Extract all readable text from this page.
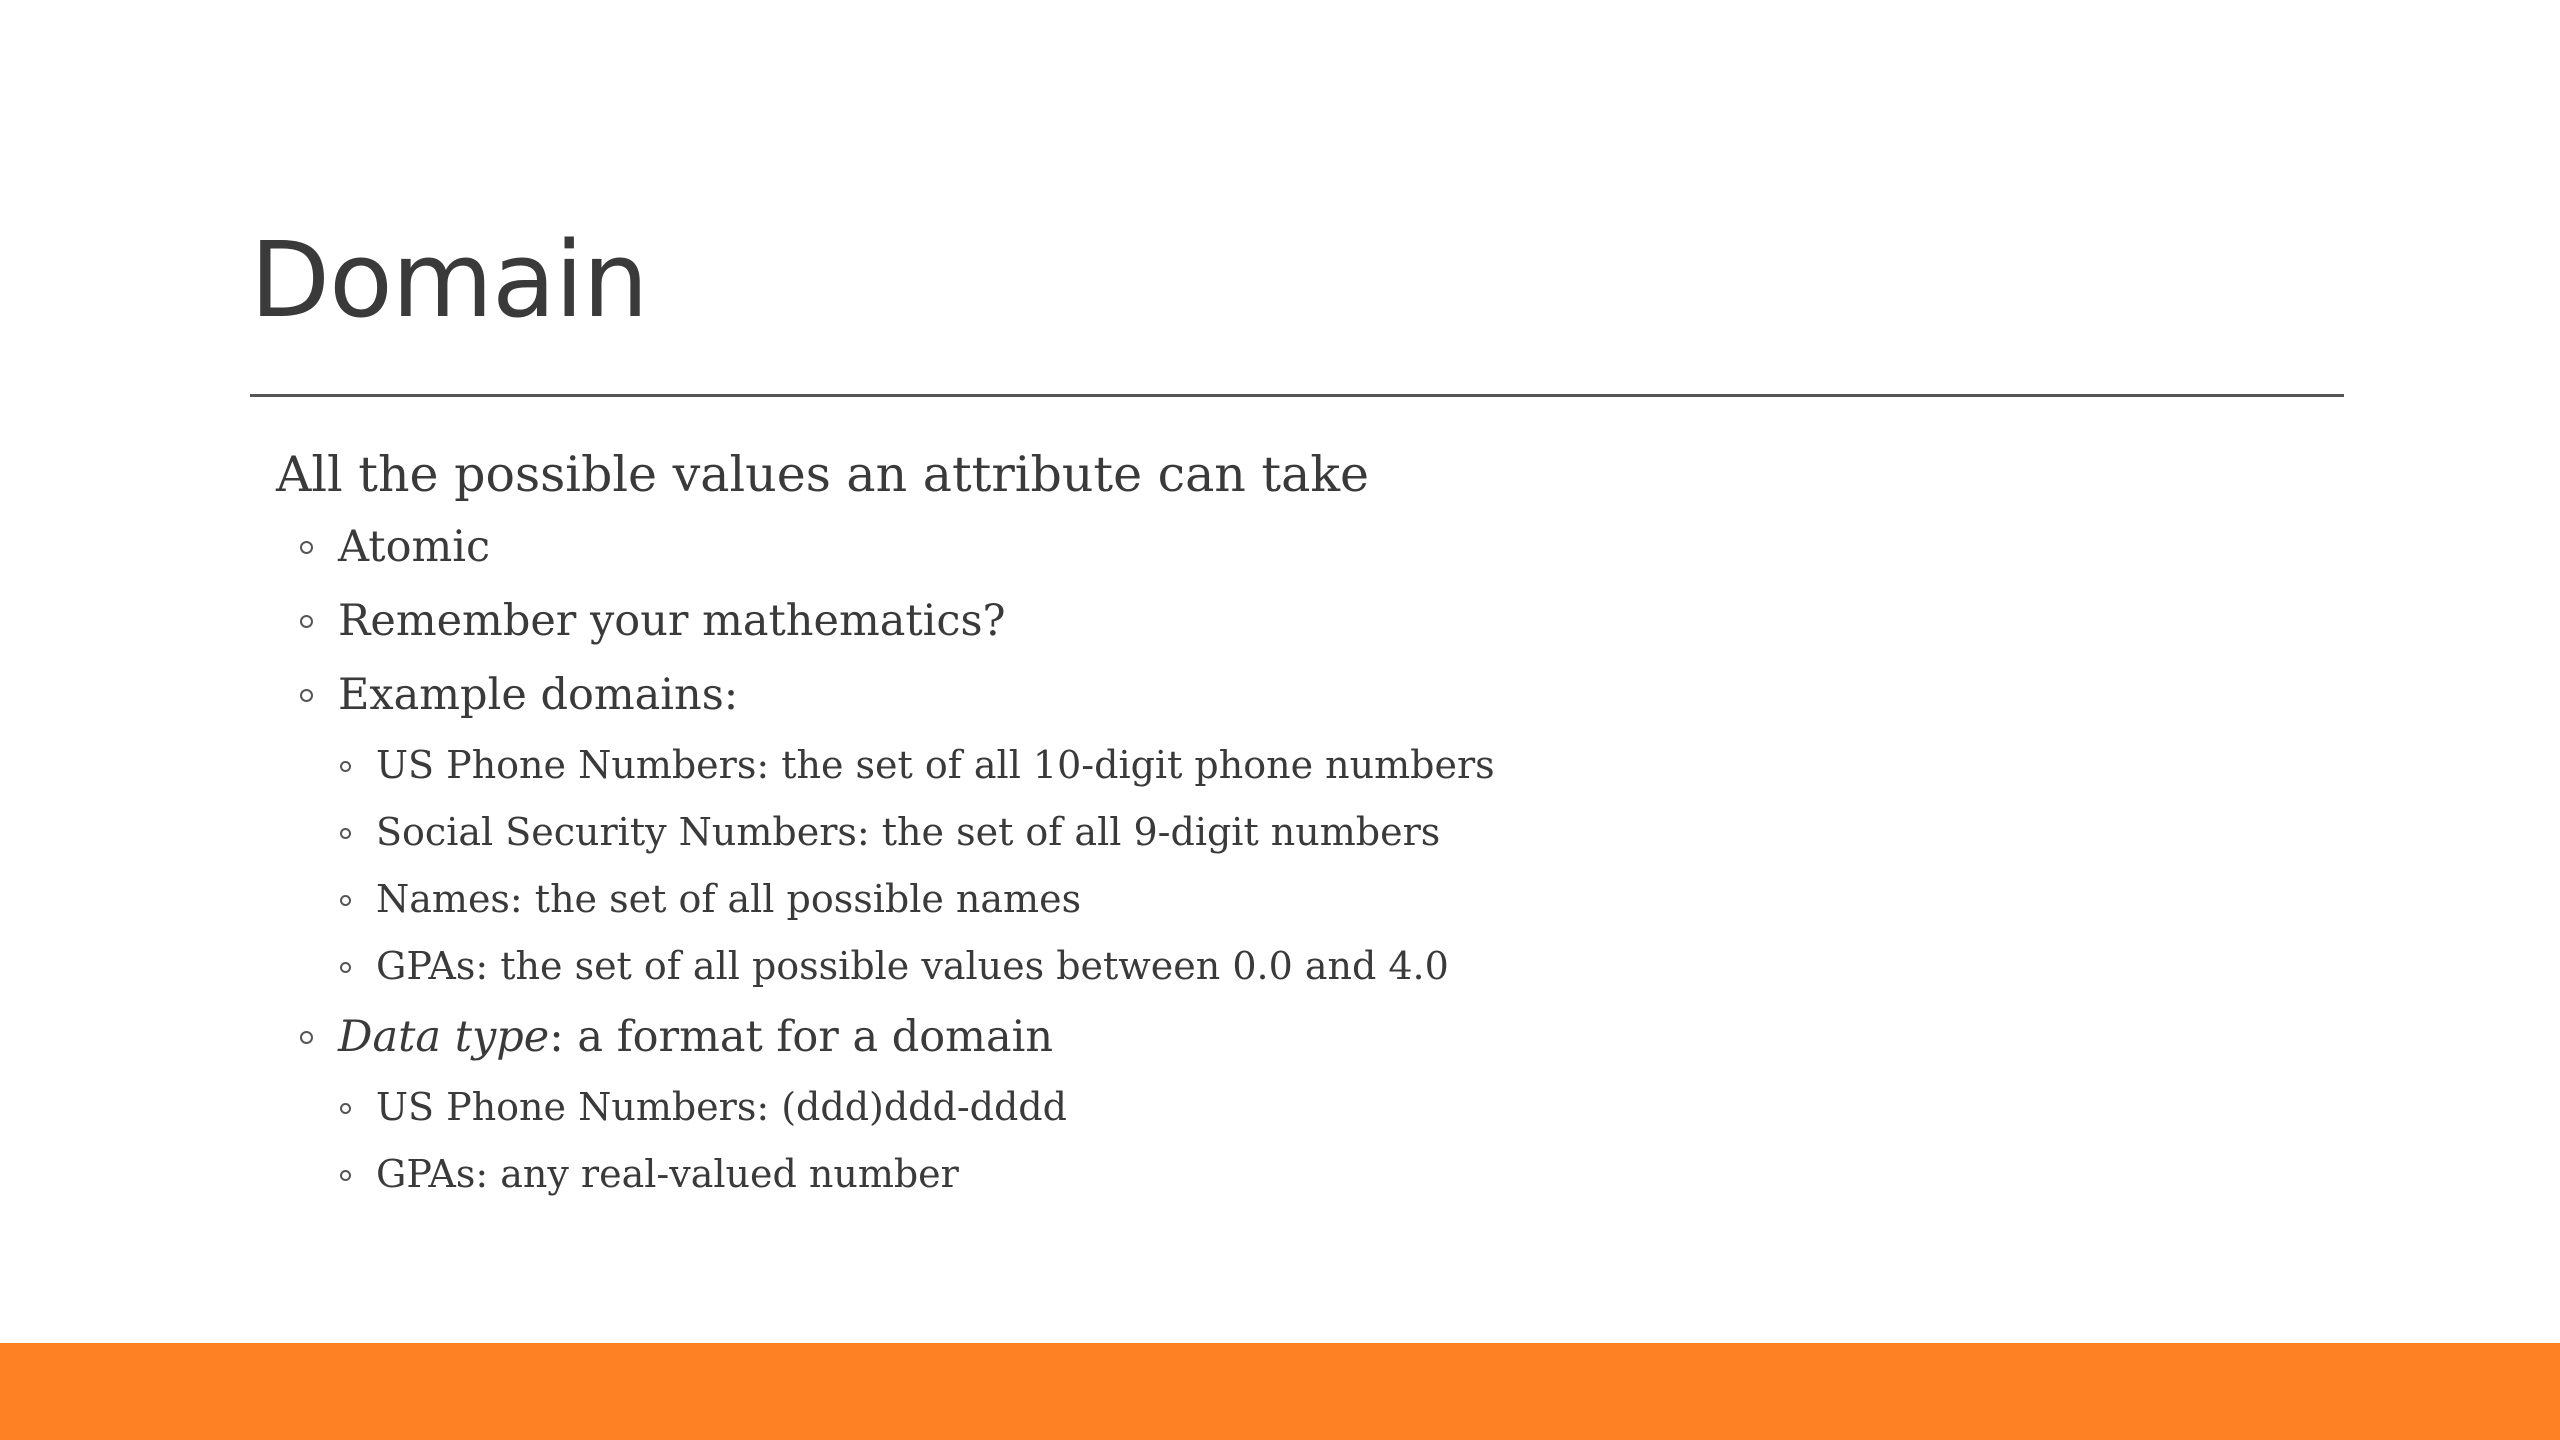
Domain
All the possible values an attribute can take
Atomic
Remember your mathematics?
Example domains:
US Phone Numbers: the set of all 10-digit phone numbers
Social Security Numbers: the set of all 9-digit numbers
Names: the set of all possible names
GPAs: the set of all possible values between 0.0 and 4.0
Data type: a format for a domain
US Phone Numbers: (ddd)ddd-dddd
GPAs: any real-valued number
